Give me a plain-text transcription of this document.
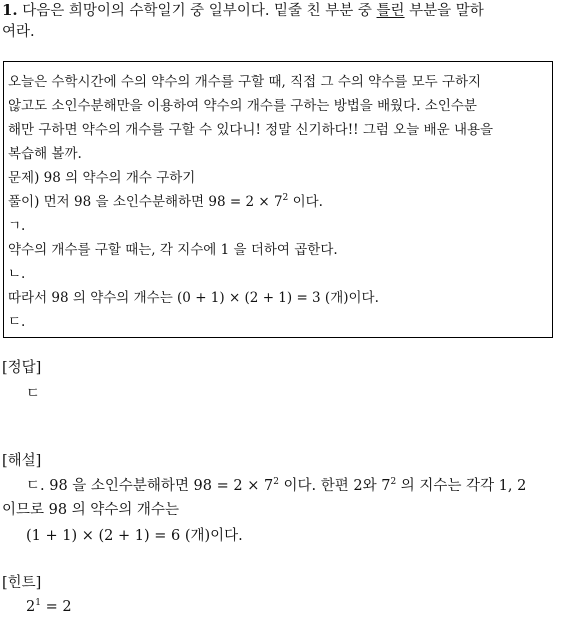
1. 다음은 희망이의 수학일기 중 일부이다. 밑줄 친 부분 중 틀린 부분을 말하
여라.
오늘은 수학시간에 수의 약수의 개수를 구할 때, 직접 그 수의 약수를 모두 구하지
않고도 소인수분해만을 이용하여 약수의 개수를 구하는 방법을 배웠다. 소인수분
해만 구하면 약수의 개수를 구할 수 있다니! 정말 신기하다!! 그럼 오늘 배운 내용을
복습해 볼까.
문제) 98 의 약수의 개수 구하기
풀이) 먼저 98 을 소인수분해하면 $98 = 2 \times 7^2$ 이다.
ㄱ.
약수의 개수를 구할 때는, 각 지수에 1 을 더하여 곱한다.
ㄴ.
따라서 98 의 약수의 개수는 (0 + 1) × (2 + 1) = 3 (개)이다.
ㄷ.
[정답]
ㄷ
[해설]
ㄷ. 98 을 소인수분해하면 $98 = 2 \times 7^2$ 이다. 한편 2와 $7^2$ 의 지수는 각각 1, 2
이므로 98 의 약수의 개수는
(1 + 1) × (2 + 1) = 6 (개)이다.
[힌트]
$2^1 = 2$
